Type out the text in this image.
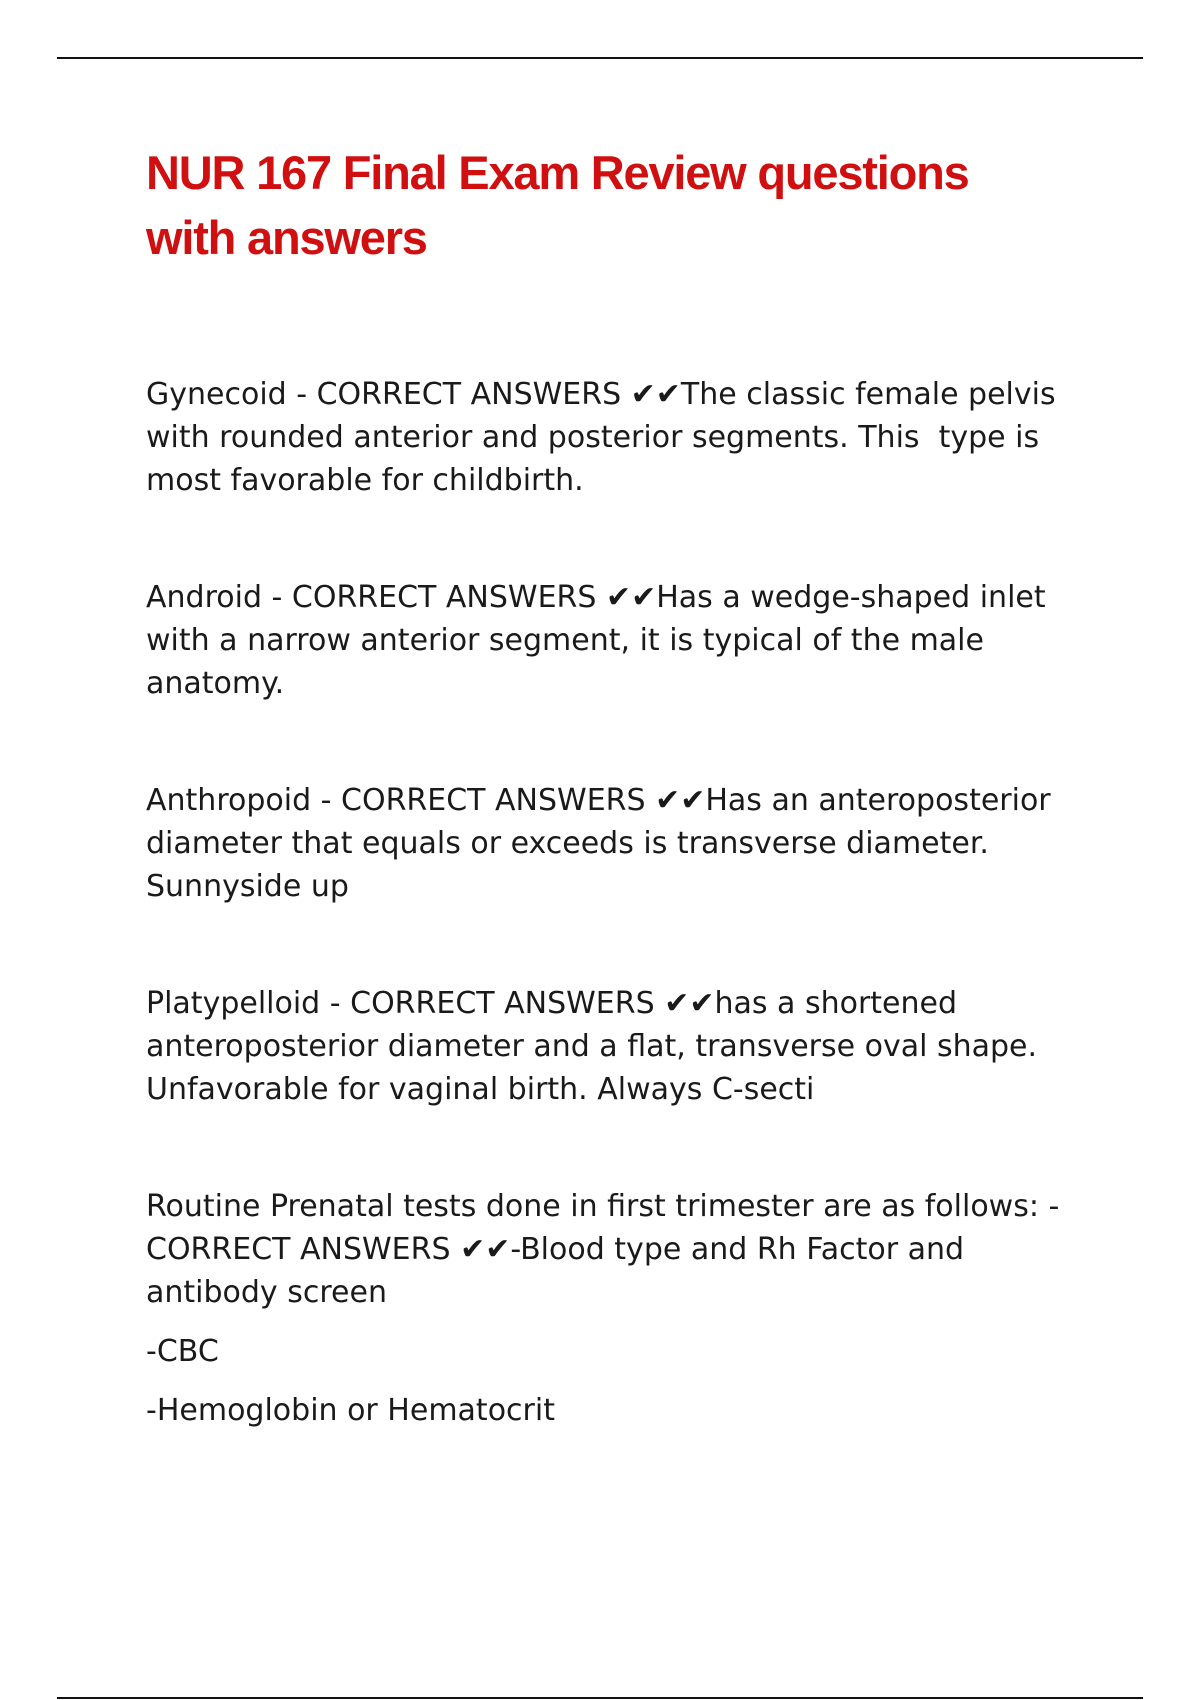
NUR 167 Final Exam Review questions with answers

Gynecoid - CORRECT ANSWERS ✔✔The classic female pelvis with rounded anterior and posterior segments. This  type is most favorable for childbirth.

Android - CORRECT ANSWERS ✔✔Has a wedge-shaped inlet with a narrow anterior segment, it is typical of the male anatomy.

Anthropoid - CORRECT ANSWERS ✔✔Has an anteroposterior diameter that equals or exceeds is transverse diameter. Sunnyside up

Platypelloid - CORRECT ANSWERS ✔✔has a shortened anteroposterior diameter and a flat, transverse oval shape. Unfavorable for vaginal birth. Always C-secti

Routine Prenatal tests done in first trimester are as follows: - CORRECT ANSWERS ✔✔-Blood type and Rh Factor and antibody screen

-CBC

-Hemoglobin or Hematocrit
